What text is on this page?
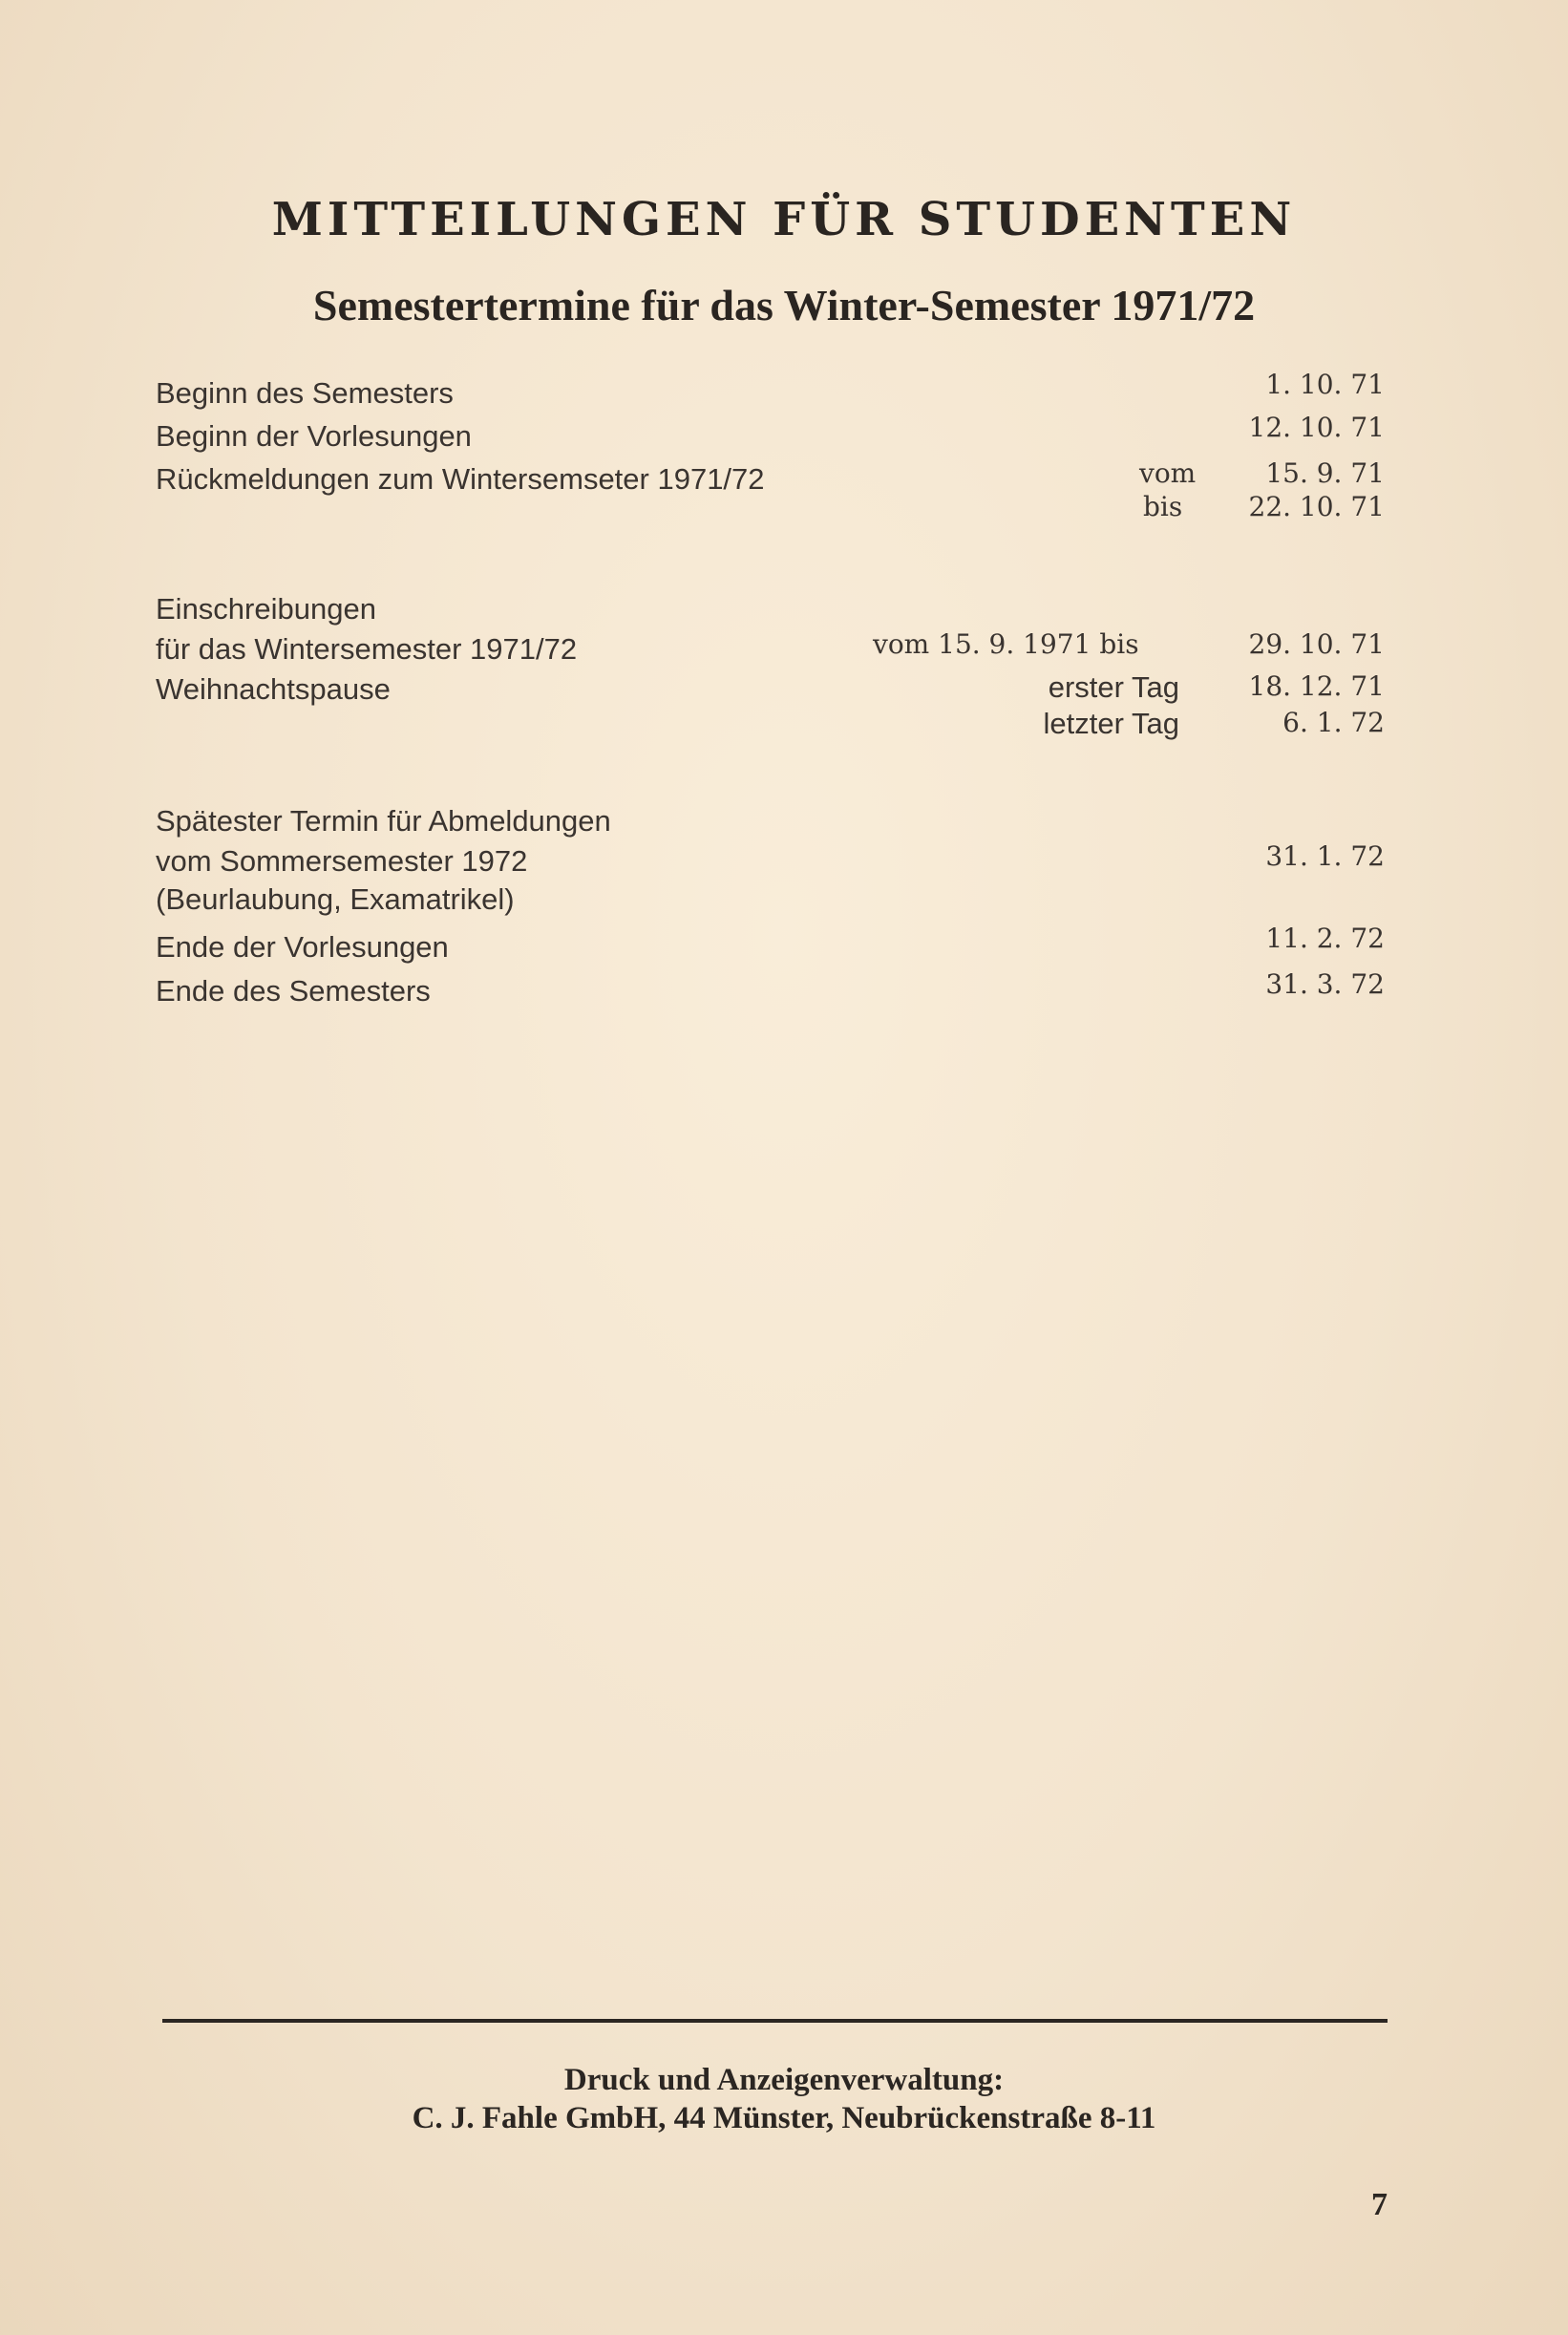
MITTEILUNGEN FÜR STUDENTEN
Semestertermine für das Winter-Semester 1971/72
Beginn des Semesters	1. 10. 71
Beginn der Vorlesungen	12. 10. 71
Rückmeldungen zum Wintersemseter 1971/72	vom	15. 9. 71
bis 22. 10. 71
Einschreibungen
für das Wintersemester 1971/72	vom 15. 9. 1971 bis	29. 10. 71
Weihnachtspause	erster Tag	18. 12. 71
letzter Tag	6. 1. 72
Spätester Termin für Abmeldungen
vom Sommersemester 1972
(Beurlaubung, Examatrikel)
31. 1. 72
Ende der Vorlesungen	11. 2. 72
Ende des Semesters	31. 3. 72
Druck und Anzeigenverwaltung:
C. J. Fahle GmbH, 44 Münster, Neubrückenstraße 8-11
7
